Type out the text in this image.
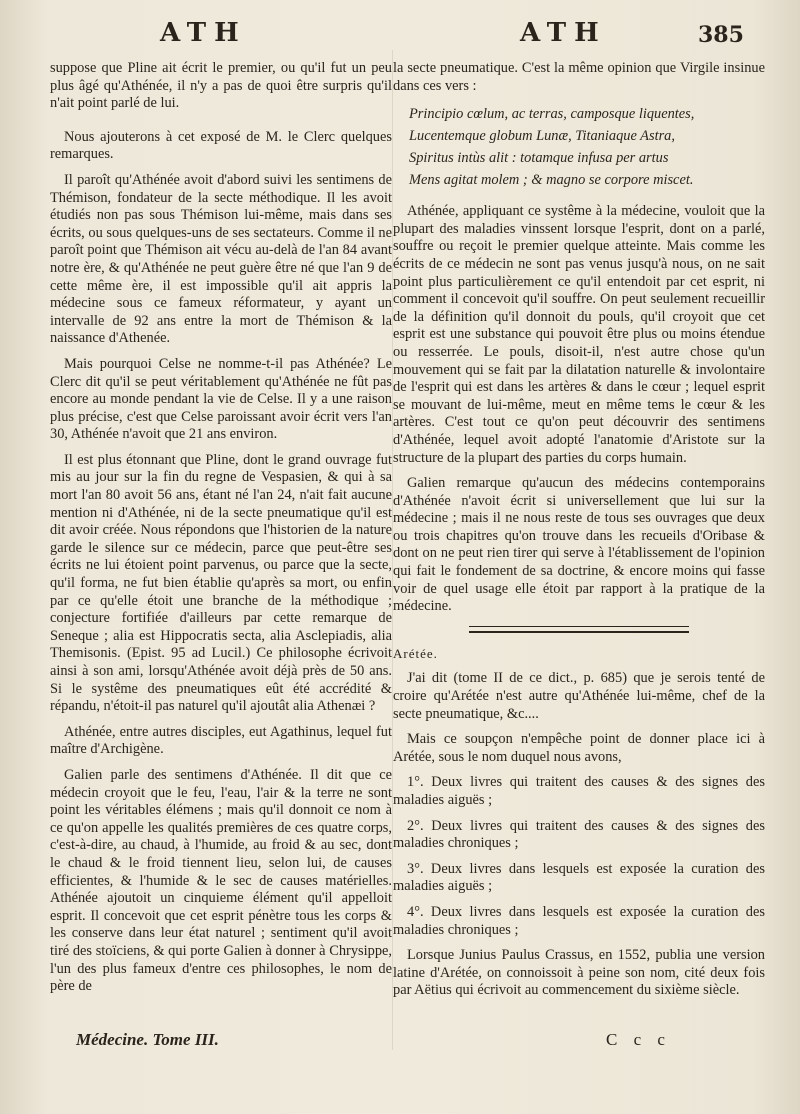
ATH	ATH	385

suppose que Pline ait écrit le premier, ou qu'il fut un peu plus âgé qu'Athénée, il n'y a pas de quoi être surpris qu'il n'ait point parlé de lui.

Nous ajouterons à cet exposé de M. le Clerc quelques remarques.

Il paroît qu'Athénée avoit d'abord suivi les sentimens de Thémison, fondateur de la secte méthodique. Il les avoit étudiés non pas sous Thémison lui-même, mais dans ses écrits, ou sous quelques-uns de ses sectateurs. Comme il ne paroît point que Thémison ait vécu au-delà de l'an 84 avant notre ère, & qu'Athénée ne peut guère être né que l'an 9 de cette même ère, il est impossible qu'il ait appris la médecine sous ce fameux réformateur, y ayant un intervalle de 92 ans entre la mort de Thémison & la naissance d'Athenée.

Mais pourquoi Celse ne nomme-t-il pas Athénée? Le Clerc dit qu'il se peut véritablement qu'Athénée ne fût pas encore au monde pendant la vie de Celse. Il y a une raison plus précise, c'est que Celse paroissant avoir écrit vers l'an 30, Athénée n'avoit que 21 ans environ.

Il est plus étonnant que Pline, dont le grand ouvrage fut mis au jour sur la fin du regne de Vespasien, & qui à sa mort l'an 80 avoit 56 ans, étant né l'an 24, n'ait fait aucune mention ni d'Athénée, ni de la secte pneumatique qu'il est dit avoir créée. Nous répondons que l'historien de la nature garde le silence sur ce médecin, parce que peut-être ses écrits ne lui étoient point parvenus, ou parce que la secte, qu'il forma, ne fut bien établie qu'après sa mort, ou enfin par ce qu'elle étoit une branche de la méthodique ; conjecture fortifiée d'ailleurs par cette remarque de Seneque ; alia est Hippocratis secta, alia Asclepiadis, alia Themisonis. (Epist. 95 ad Lucil.) Ce philosophe écrivoit ainsi à son ami, lorsqu'Athénée avoit déjà près de 50 ans. Si le systême des pneumatiques eût été accrédité & répandu, n'étoit-il pas naturel qu'il ajoutât alia Athenæi ?

Athénée, entre autres disciples, eut Agathinus, lequel fut maître d'Archigène.

Galien parle des sentimens d'Athénée. Il dit que ce médecin croyoit que le feu, l'eau, l'air & la terre ne sont point les véritables élémens ; mais qu'il donnoit ce nom à ce qu'on appelle les qualités premières de ces quatre corps, c'est-à-dire, au chaud, à l'humide, au froid & au sec, dont le chaud & le froid tiennent lieu, selon lui, de causes efficientes, & l'humide & le sec de causes matérielles. Athénée ajoutoit un cinquieme élément qu'il appelloit esprit. Il concevoit que cet esprit pénètre tous les corps & les conserve dans leur état naturel ; sentiment qu'il avoit tiré des stoïciens, & qui porte Galien à donner à Chrysippe, l'un des plus fameux d'entre ces philosophes, le nom de père de

la secte pneumatique. C'est la même opinion que Virgile insinue dans ces vers :

Principio cœlum, ac terras, camposque liquentes,
Lucentemque globum Lunæ, Titaniaque Astra,
Spiritus intùs alit : totamque infusa per artus
Mens agitat molem ; & magno se corpore miscet.

Athénée, appliquant ce systême à la médecine, vouloit que la plupart des maladies vinssent lorsque l'esprit, dont on a parlé, souffre ou reçoit le premier quelque atteinte. Mais comme les écrits de ce médecin ne sont pas venus jusqu'à nous, on ne sait point plus particulièrement ce qu'il entendoit par cet esprit, ni comment il concevoit qu'il souffre. On peut seulement recueillir de la définition qu'il donnoit du pouls, qu'il croyoit que cet esprit est une substance qui pouvoit être plus ou moins étendue ou resserrée. Le pouls, disoit-il, n'est autre chose qu'un mouvement qui se fait par la dilatation naturelle & involontaire de l'esprit qui est dans les artères & dans le cœur ; lequel esprit se mouvant de lui-même, meut en même tems le cœur & les artères. C'est tout ce qu'on peut découvrir des sentimens d'Athénée, lequel avoit adopté l'anatomie d'Aristote sur la structure de la plupart des parties du corps humain.

Galien remarque qu'aucun des médecins contemporains d'Athénée n'avoit écrit si universellement que lui sur la médecine ; mais il ne nous reste de tous ses ouvrages que deux ou trois chapitres qu'on trouve dans les recueils d'Oribase & dont on ne peut rien tirer qui serve à l'établissement de l'opinion qui fait le fondement de sa doctrine, & encore moins qui fasse voir de quel usage elle étoit par rapport à la pratique de la médecine.

Arétée.

J'ai dit (tome II de ce dict., p. 685) que je serois tenté de croire qu'Arétée n'est autre qu'Athénée lui-même, chef de la secte pneumatique, &c....

Mais ce soupçon n'empêche point de donner place ici à Arétée, sous le nom duquel nous avons,

1°. Deux livres qui traitent des causes & des signes des maladies aiguës ;

2°. Deux livres qui traitent des causes & des signes des maladies chroniques ;

3°. Deux livres dans lesquels est exposée la curation des maladies aiguës ;

4°. Deux livres dans lesquels est exposée la curation des maladies chroniques ;

Lorsque Junius Paulus Crassus, en 1552, publia une version latine d'Arétée, on connoissoit à peine son nom, cité deux fois par Aëtius qui écrivoit au commencement du sixième siècle.

Médecine. Tome III.	C c c
